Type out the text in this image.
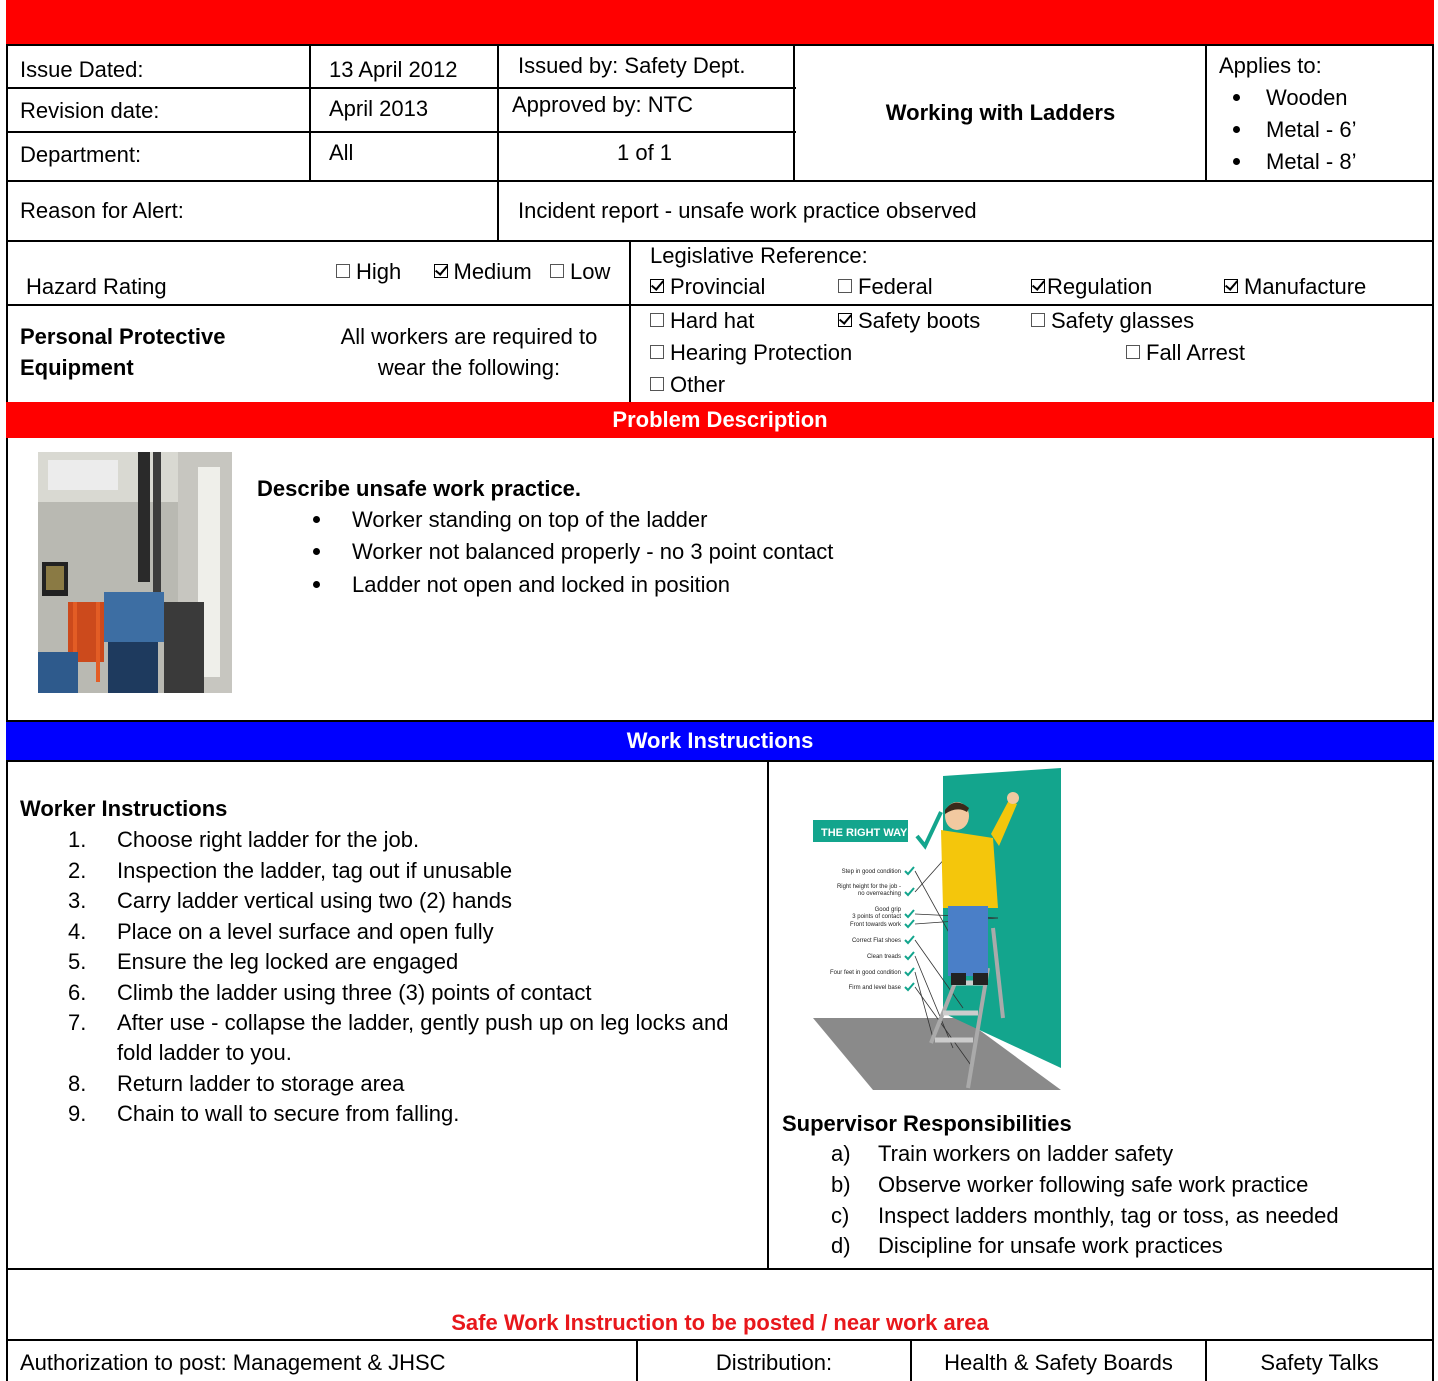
Issue Dated:	13 April 2012	Issued by: Safety Dept.
Revision date:	April 2013	Approved by: NTC
Department:	All	1 of 1
Working with Ladders
Applies to:
Wooden
Metal - 6’
Metal - 8’
Reason for Alert:	Incident report - unsafe work practice observed
Hazard Rating
High Medium Low
Legislative Reference:
Provincial	Federal	Regulation	Manufacture
Personal Protective
Equipment
All workers are required to
wear the following:
Hard hat	Safety boots	Safety glasses
Hearing Protection	Fall Arrest
Other
Problem Description
Describe unsafe work practice.
Worker standing on top of the ladder
Worker not balanced properly - no 3 point contact
Ladder not open and locked in position
Work Instructions
Worker Instructions
1. Choose right ladder for the job.
2. Inspection the ladder, tag out if unusable
3. Carry ladder vertical using two (2) hands
4. Place on a level surface and open fully
5. Ensure the leg locked are engaged
6. Climb the ladder using three (3) points of contact
7. After use - collapse the ladder, gently push up on leg locks and
fold ladder to you.
8. Return ladder to storage area
9. Chain to wall to secure from falling.
THE RIGHT WAY
Step in good condition
Right height for the job -
no overreaching
Good grip
3 points of contact
Front towards work
Correct Flat shoes
Clean treads
Four feet in good condition
Firm and level base
Supervisor Responsibilities
a) Train workers on ladder safety
b) Observe worker following safe work practice
c) Inspect ladders monthly, tag or toss, as needed
d) Discipline for unsafe work practices
Safe Work Instruction to be posted / near work area
Authorization to post: Management & JHSC	Distribution:	Health & Safety Boards	Safety Talks
